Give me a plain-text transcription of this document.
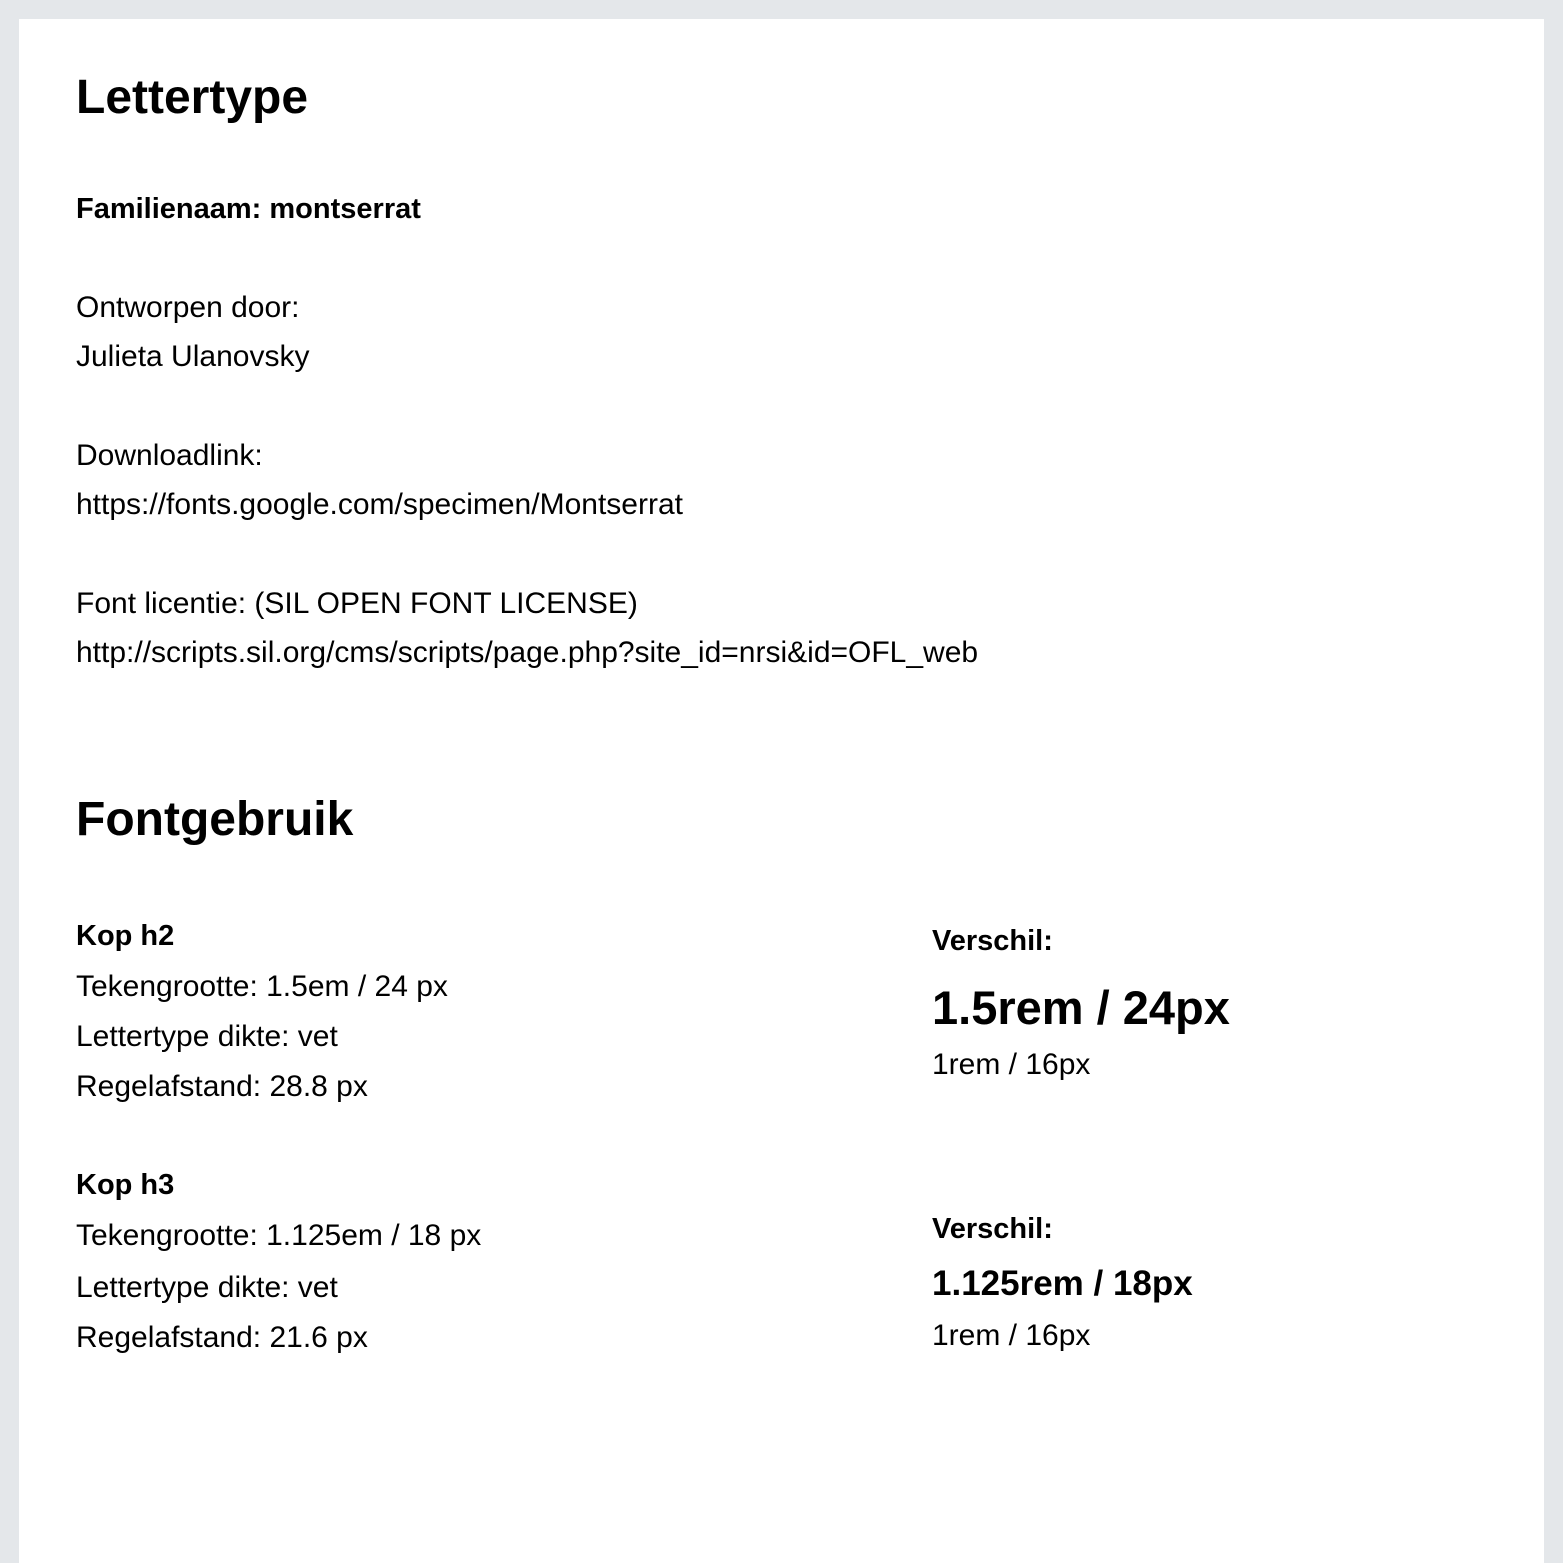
Lettertype
Familienaam: montserrat
Ontworpen door:
Julieta Ulanovsky
Downloadlink:
https://fonts.google.com/specimen/Montserrat
Font licentie: (SIL OPEN FONT LICENSE)
http://scripts.sil.org/cms/scripts/page.php?site_id=nrsi&id=OFL_web
Fontgebruik
Kop h2
Tekengrootte: 1.5em / 24 px
Lettertype dikte: vet
Regelafstand: 28.8 px
Verschil:
1.5rem / 24px
1rem / 16px
Kop h3
Tekengrootte: 1.125em / 18 px
Lettertype dikte: vet
Regelafstand: 21.6 px
Verschil:
1.125rem / 18px
1rem / 16px
